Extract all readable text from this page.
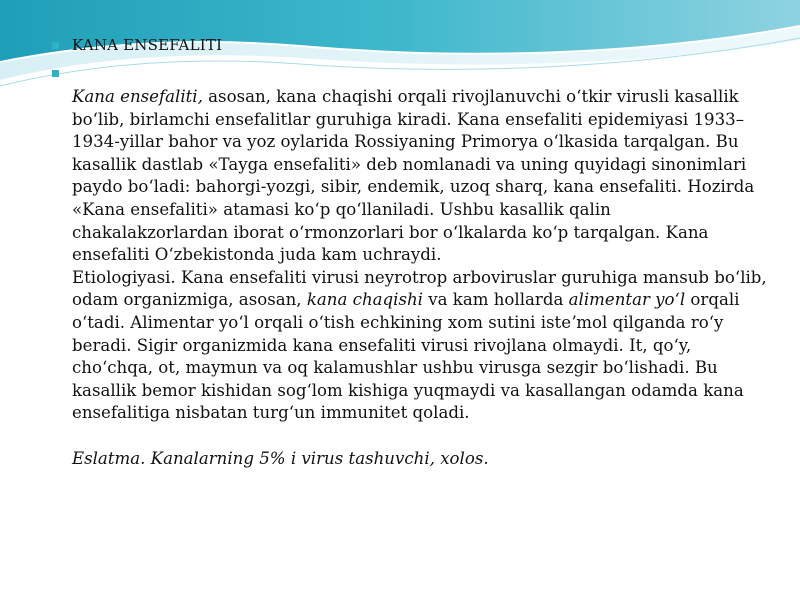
KANA ENSEFALITI

Kana ensefaliti, asosan, kana chaqishi orqali rivojlanuvchi oʻtkir virusli kasallik boʻlib, birlamchi ensefalitlar guruhiga kiradi. Kana ensefaliti epidemiyasi 1933–1934-yillar bahor va yoz oylarida Rossiyaning Primorya oʻlkasida tarqalgan. Bu kasallik dastlab «Tayga ensefaliti» deb nomlanadi va uning quyidagi sinonimlari paydo boʻladi: bahorgi-yozgi, sibir, endemik, uzoq sharq, kana ensefaliti. Hozirda «Kana ensefaliti» atamasi koʻp qoʻllaniladi. Ushbu kasallik qalin chakalakzorlardan iborat oʻrmonzorlari bor oʻlkalarda koʻp tarqalgan. Kana ensefaliti Oʻzbekistonda juda kam uchraydi.

Etiologiyasi. Kana ensefaliti virusi neyrotrop arboviruslar guruhiga mansub boʻlib, odam organizmiga, asosan, kana chaqishi va kam hollarda alimentar yoʻl orqali oʻtadi. Alimentar yoʻl orqali oʻtish echkining xom sutini isteʼmol qilganda roʻy beradi. Sigir organizmida kana ensefaliti virusi rivojlana olmaydi. It, qoʻy, choʻchqa, ot, maymun va oq kalamushlar ushbu virusga sezgir boʻlishadi. Bu kasallik bemor kishidan sogʻlom kishiga yuqmaydi va kasallangan odamda kana ensefalitiga nisbatan turgʻun immunitet qoladi.

Eslatma. Kanalarning 5% i virus tashuvchi, xolos.
